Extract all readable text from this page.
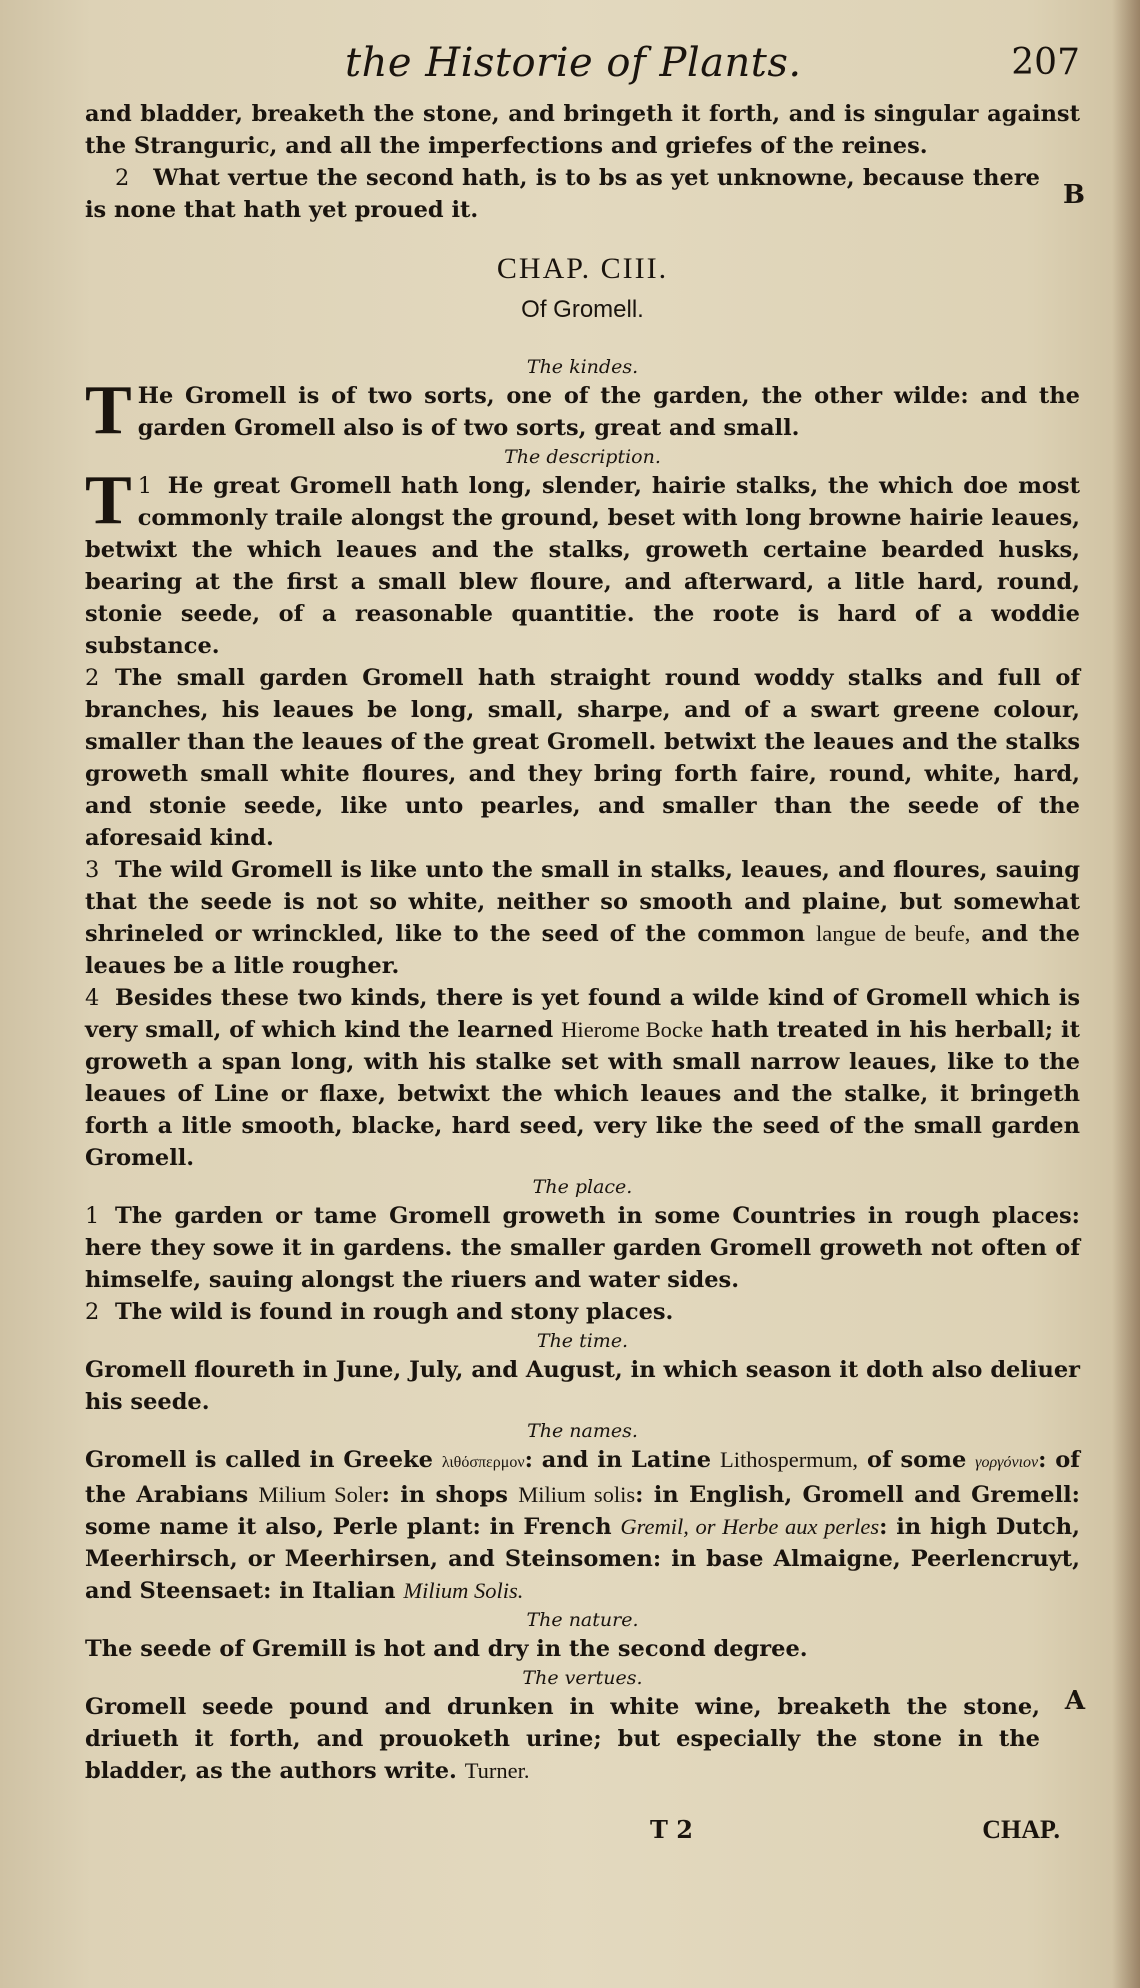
the Historie of Plants.	207

and bladder, breaketh the stone, and bringeth it forth, and is singular against the Stranguric, and all the imperfections and griefes of the reines.

2 What vertue the second hath, is to bs as yet unknowne, because there is none that hath yet proued it.	B
CHAP. CIII.
Of Gromell.

The kindes.

T He Gromell is of two sorts, one of the garden, the other wilde: and the garden Gromell also is of two sorts, great and small.

The description.

1
T He great Gromell hath long, slender, hairie stalks, the which doe most commonly traile alongst the ground, beset with long browne hairie leaues, betwixt the which leaues and the stalks, groweth certaine bearded husks, bearing at the first a small blew floure, and afterward, a litle hard, round, stonie seede, of a reasonable quantitie. the roote is hard of a woddie substance.

2 The small garden Gromell hath straight round woddy stalks and full of branches, his leaues be long, small, sharpe, and of a swart greene colour, smaller than the leaues of the great Gromell. betwixt the leaues and the stalks groweth small white floures, and they bring forth faire, round, white, hard, and stonie seede, like unto pearles, and smaller than the seede of the aforesaid kind.

3 The wild Gromell is like unto the small in stalks, leaues, and floures, sauing that the seede is not so white, neither so smooth and plaine, but somewhat shrineled or wrinckled, like to the seed of the common langue de beufe, and the leaues be a litle rougher.

4 Besides these two kinds, there is yet found a wilde kind of Gromell which is very small, of which kind the learned Hierome Bocke hath treated in his herball; it groweth a span long, with his stalke set with small narrow leaues, like to the leaues of Line or flaxe, betwixt the which leaues and the stalke, it bringeth forth a litle smooth, blacke, hard seed, very like the seed of the small garden Gromell.

The place.

1 The garden or tame Gromell groweth in some Countries in rough places: here they sowe it in gardens. the smaller garden Gromell groweth not often of himselfe, sauing alongst the riuers and water sides.

2 The wild is found in rough and stony places.

The time.

Gromell floureth in June, July, and August, in which season it doth also deliuer his seede.

The names.

Gromell is called in Greeke λιθόσπερμον: and in Latine Lithospermum, of some γοργόνιον: of the Arabians Milium Soler: in shops Milium solis: in English, Gromell and Gremell: some name it also, Perle plant: in French Gremil, or Herbe aux perles: in high Dutch, Meerhirsch, or Meerhirsen, and Steinsomen: in base Almaigne, Peerlencruyt, and Steensaet: in Italian Milium Solis.

The nature.

The seede of Gremill is hot and dry in the second degree.

The vertues.

Gromell seede pound and drunken in white wine, breaketh the stone, driueth it forth, and prouoketh urine; but especially the stone in the bladder, as the authors write. Turner.

A
T 2	CHAP.
